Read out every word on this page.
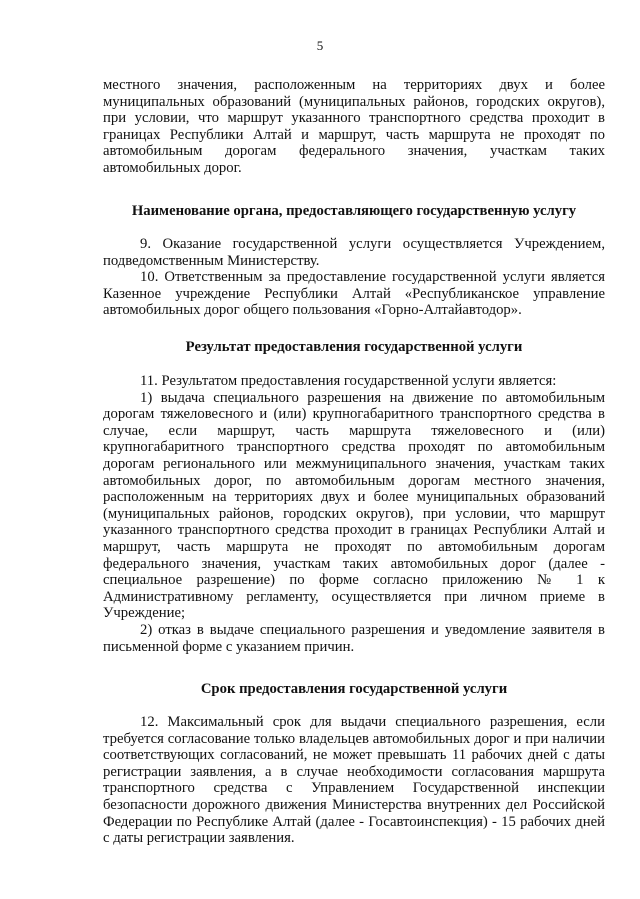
5

местного значения, расположенным на территориях двух и более муниципальных образований (муниципальных районов, городских округов), при условии, что маршрут указанного транспортного средства проходит в границах Республики Алтай и маршрут, часть маршрута не проходят по автомобильным дорогам федерального значения, участкам таких автомобильных дорог.

Наименование органа, предоставляющего государственную услугу

9. Оказание государственной услуги осуществляется Учреждением, подведомственным Министерству.

10. Ответственным за предоставление государственной услуги является Казенное учреждение Республики Алтай «Республиканское управление автомобильных дорог общего пользования «Горно-Алтайавтодор».

Результат предоставления государственной услуги

11. Результатом предоставления государственной услуги является:

1) выдача специального разрешения на движение по автомобильным дорогам тяжеловесного и (или) крупногабаритного транспортного средства в случае, если маршрут, часть маршрута тяжеловесного и (или) крупногабаритного транспортного средства проходят по автомобильным дорогам регионального или межмуниципального значения, участкам таких автомобильных дорог, по автомобильным дорогам местного значения, расположенным на территориях двух и более муниципальных образований (муниципальных районов, городских округов), при условии, что маршрут указанного транспортного средства проходит в границах Республики Алтай и маршрут, часть маршрута не проходят по автомобильным дорогам федерального значения, участкам таких автомобильных дорог (далее - специальное разрешение) по форме согласно приложению № 1 к Административному регламенту, осуществляется при личном приеме в Учреждение;

2) отказ в выдаче специального разрешения и уведомление заявителя в письменной форме с указанием причин.

Срок предоставления государственной услуги

12. Максимальный срок для выдачи специального разрешения, если требуется согласование только владельцев автомобильных дорог и при наличии соответствующих согласований, не может превышать 11 рабочих дней с даты регистрации заявления, а в случае необходимости согласования маршрута транспортного средства с Управлением Государственной инспекции безопасности дорожного движения Министерства внутренних дел Российской Федерации по Республике Алтай (далее - Госавтоинспекция) - 15 рабочих дней с даты регистрации заявления.
